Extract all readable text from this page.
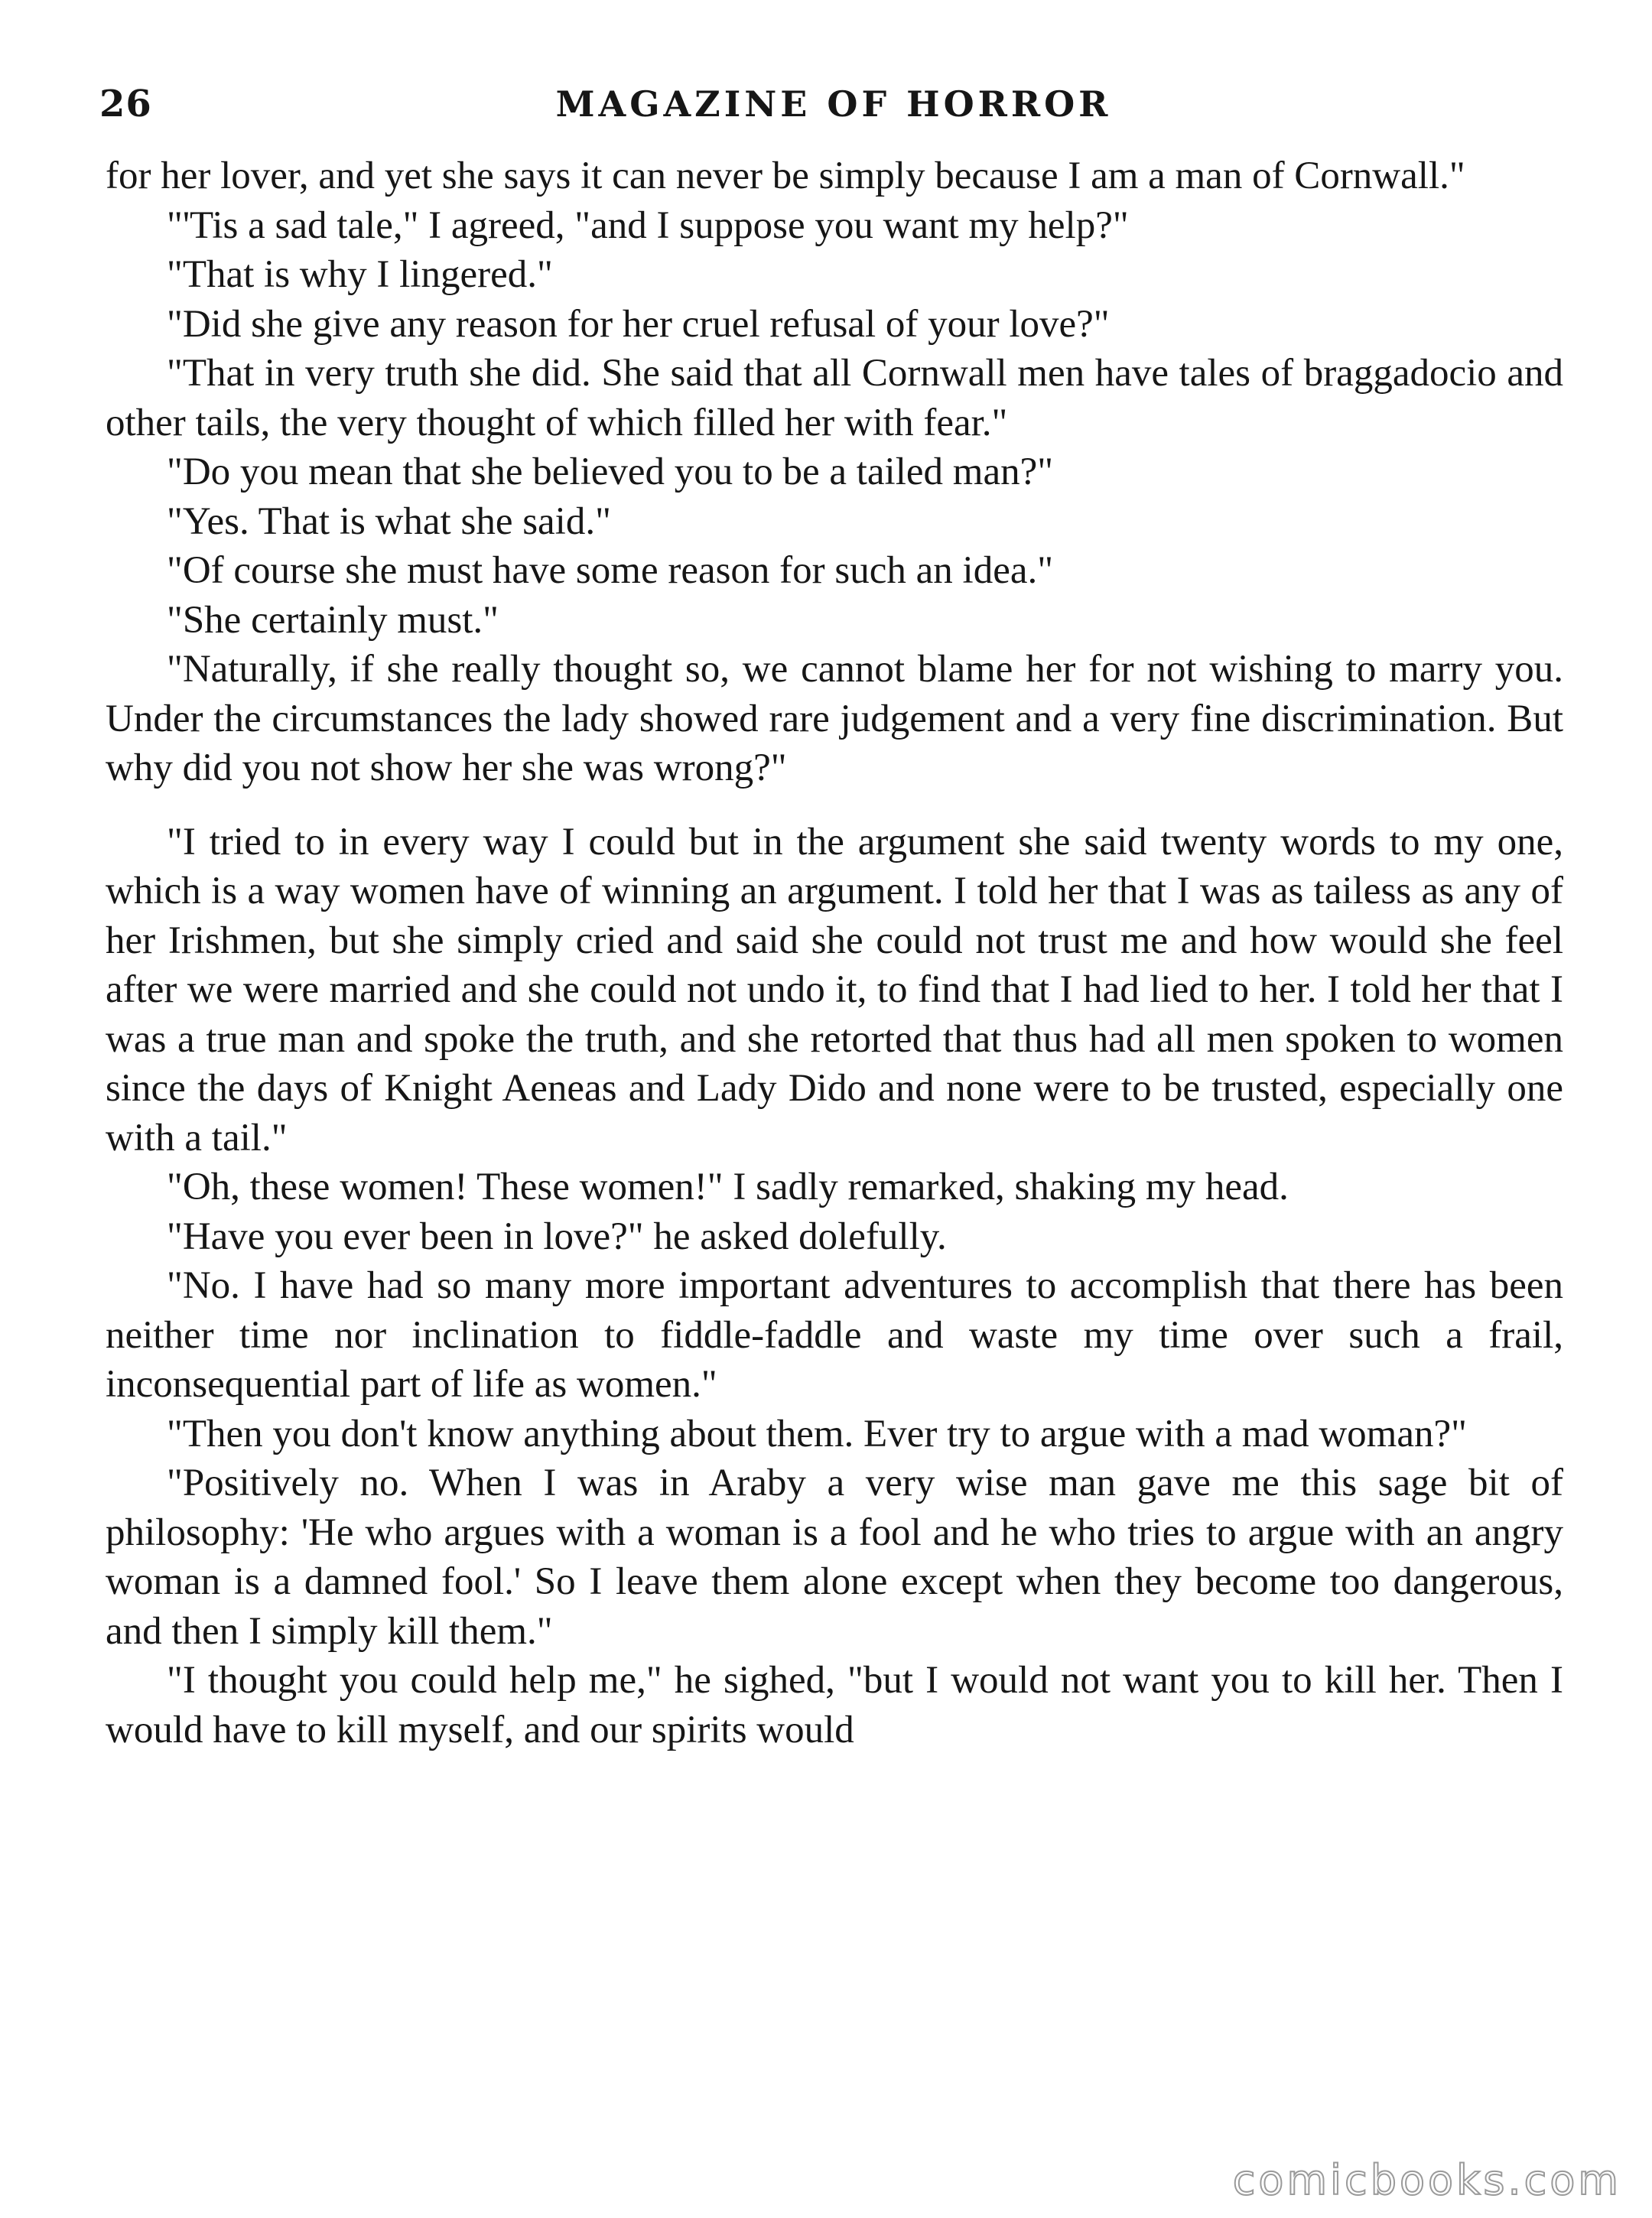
26	MAGAZINE OF HORROR

for her lover, and yet she says it can never be simply because I am a man of Cornwall."

"'Tis a sad tale," I agreed, "and I suppose you want my help?"

"That is why I lingered."

"Did she give any reason for her cruel refusal of your love?"

"That in very truth she did. She said that all Cornwall men have tales of braggadocio and other tails, the very thought of which filled her with fear."

"Do you mean that she believed you to be a tailed man?"

"Yes. That is what she said."

"Of course she must have some reason for such an idea."

"She certainly must."

"Naturally, if she really thought so, we cannot blame her for not wishing to marry you. Under the circumstances the lady showed rare judgement and a very fine discrimination. But why did you not show her she was wrong?"

"I tried to in every way I could but in the argument she said twenty words to my one, which is a way women have of winning an argument. I told her that I was as tailess as any of her Irishmen, but she simply cried and said she could not trust me and how would she feel after we were married and she could not undo it, to find that I had lied to her. I told her that I was a true man and spoke the truth, and she retorted that thus had all men spoken to women since the days of Knight Aeneas and Lady Dido and none were to be trusted, especially one with a tail."

"Oh, these women! These women!" I sadly remarked, shaking my head.

"Have you ever been in love?" he asked dolefully.

"No. I have had so many more important adventures to accomplish that there has been neither time nor inclination to fiddle-faddle and waste my time over such a frail, inconsequential part of life as women."

"Then you don't know anything about them. Ever try to argue with a mad woman?"

"Positively no. When I was in Araby a very wise man gave me this sage bit of philosophy: 'He who argues with a woman is a fool and he who tries to argue with an angry woman is a damned fool.' So I leave them alone except when they become too dangerous, and then I simply kill them."

"I thought you could help me," he sighed, "but I would not want you to kill her. Then I would have to kill myself, and our spirits would

comicbooks.com
